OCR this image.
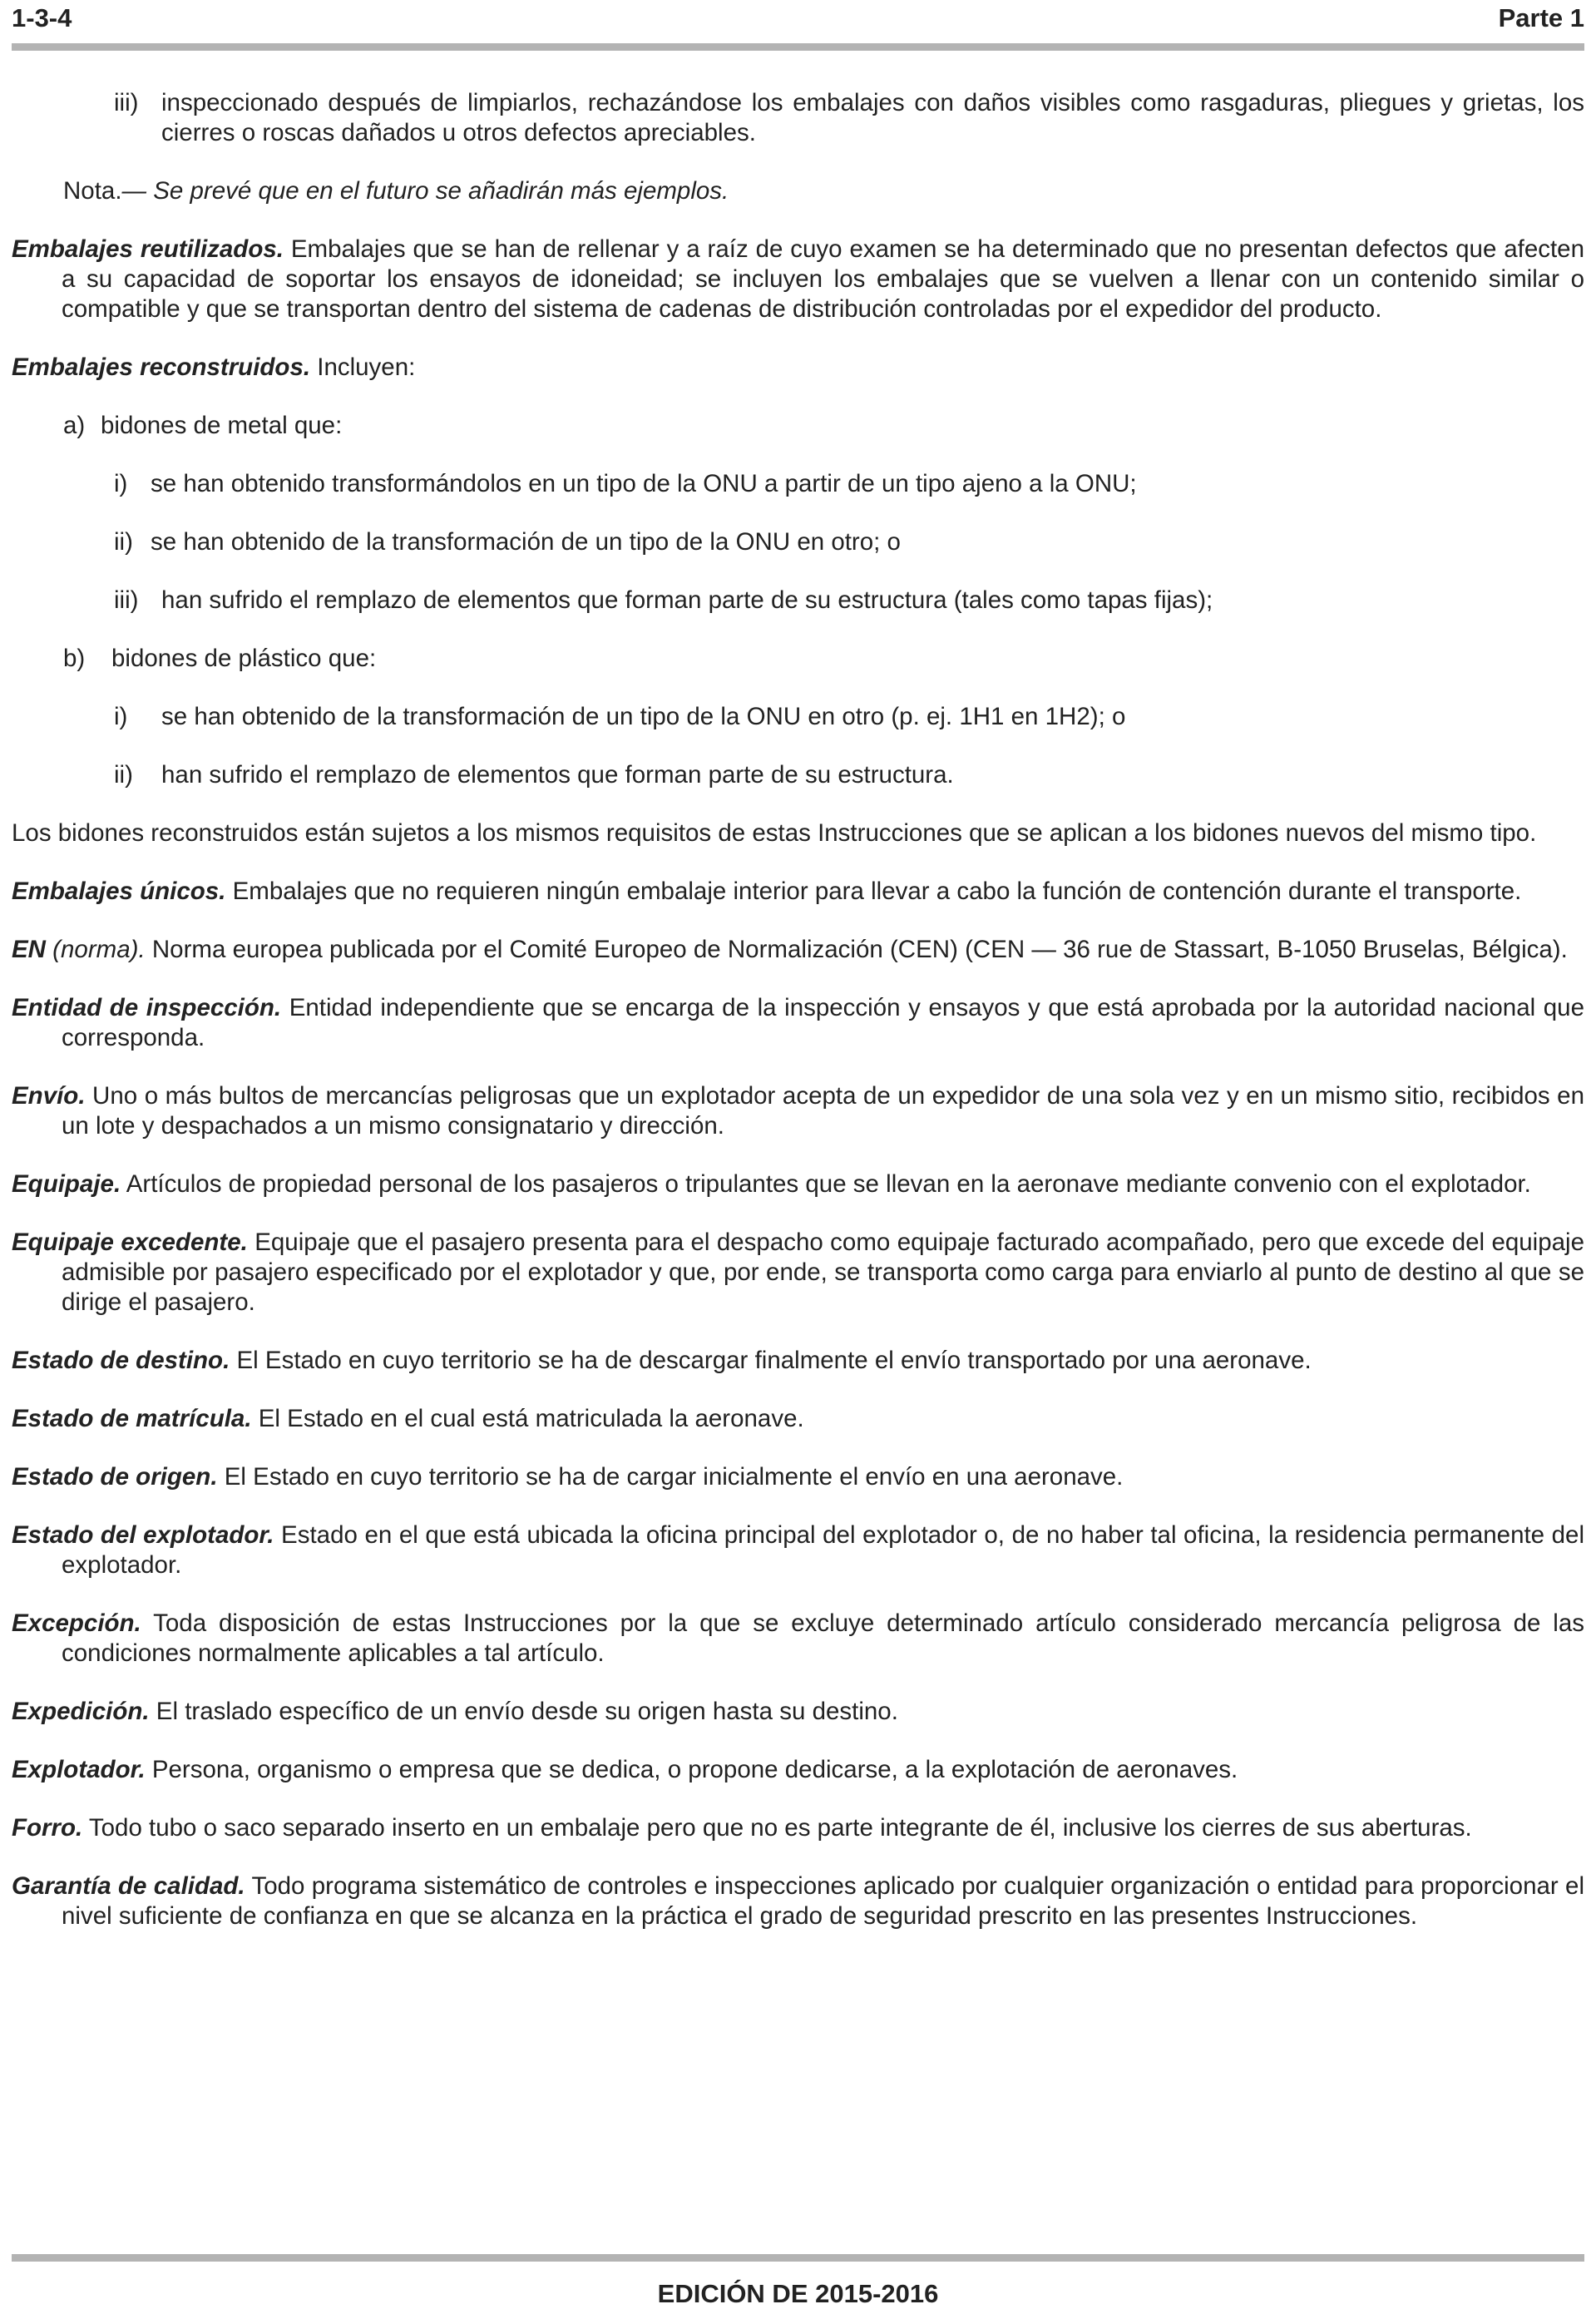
1-3-4	Parte 1
iii) inspeccionado después de limpiarlos, rechazándose los embalajes con daños visibles como rasgaduras, pliegues y grietas, los cierres o roscas dañados u otros defectos apreciables.
Nota.— Se prevé que en el futuro se añadirán más ejemplos.

Embalajes reutilizados. Embalajes que se han de rellenar y a raíz de cuyo examen se ha determinado que no presentan defectos que afecten a su capacidad de soportar los ensayos de idoneidad; se incluyen los embalajes que se vuelven a llenar con un contenido similar o compatible y que se transportan dentro del sistema de cadenas de distribución controladas por el expedidor del producto.

Embalajes reconstruidos. Incluyen:

a) bidones de metal que:
i) se han obtenido transformándolos en un tipo de la ONU a partir de un tipo ajeno a la ONU;
ii) se han obtenido de la transformación de un tipo de la ONU en otro; o
iii) han sufrido el remplazo de elementos que forman parte de su estructura (tales como tapas fijas);
b) bidones de plástico que:
i) se han obtenido de la transformación de un tipo de la ONU en otro (p. ej. 1H1 en 1H2); o
ii) han sufrido el remplazo de elementos que forman parte de su estructura.

Los bidones reconstruidos están sujetos a los mismos requisitos de estas Instrucciones que se aplican a los bidones nuevos del mismo tipo.

Embalajes únicos. Embalajes que no requieren ningún embalaje interior para llevar a cabo la función de contención durante el transporte.

EN (norma). Norma europea publicada por el Comité Europeo de Normalización (CEN) (CEN — 36 rue de Stassart, B-1050 Bruselas, Bélgica).

Entidad de inspección. Entidad independiente que se encarga de la inspección y ensayos y que está aprobada por la autoridad nacional que corresponda.

Envío. Uno o más bultos de mercancías peligrosas que un explotador acepta de un expedidor de una sola vez y en un mismo sitio, recibidos en un lote y despachados a un mismo consignatario y dirección.

Equipaje. Artículos de propiedad personal de los pasajeros o tripulantes que se llevan en la aeronave mediante convenio con el explotador.

Equipaje excedente. Equipaje que el pasajero presenta para el despacho como equipaje facturado acompañado, pero que excede del equipaje admisible por pasajero especificado por el explotador y que, por ende, se transporta como carga para enviarlo al punto de destino al que se dirige el pasajero.

Estado de destino. El Estado en cuyo territorio se ha de descargar finalmente el envío transportado por una aeronave.

Estado de matrícula. El Estado en el cual está matriculada la aeronave.

Estado de origen. El Estado en cuyo territorio se ha de cargar inicialmente el envío en una aeronave.

Estado del explotador. Estado en el que está ubicada la oficina principal del explotador o, de no haber tal oficina, la residencia permanente del explotador.

Excepción. Toda disposición de estas Instrucciones por la que se excluye determinado artículo considerado mercancía peligrosa de las condiciones normalmente aplicables a tal artículo.

Expedición. El traslado específico de un envío desde su origen hasta su destino.

Explotador. Persona, organismo o empresa que se dedica, o propone dedicarse, a la explotación de aeronaves.

Forro. Todo tubo o saco separado inserto en un embalaje pero que no es parte integrante de él, inclusive los cierres de sus aberturas.

Garantía de calidad. Todo programa sistemático de controles e inspecciones aplicado por cualquier organización o entidad para proporcionar el nivel suficiente de confianza en que se alcanza en la práctica el grado de seguridad prescrito en las presentes Instrucciones.

EDICIÓN DE 2015-2016
